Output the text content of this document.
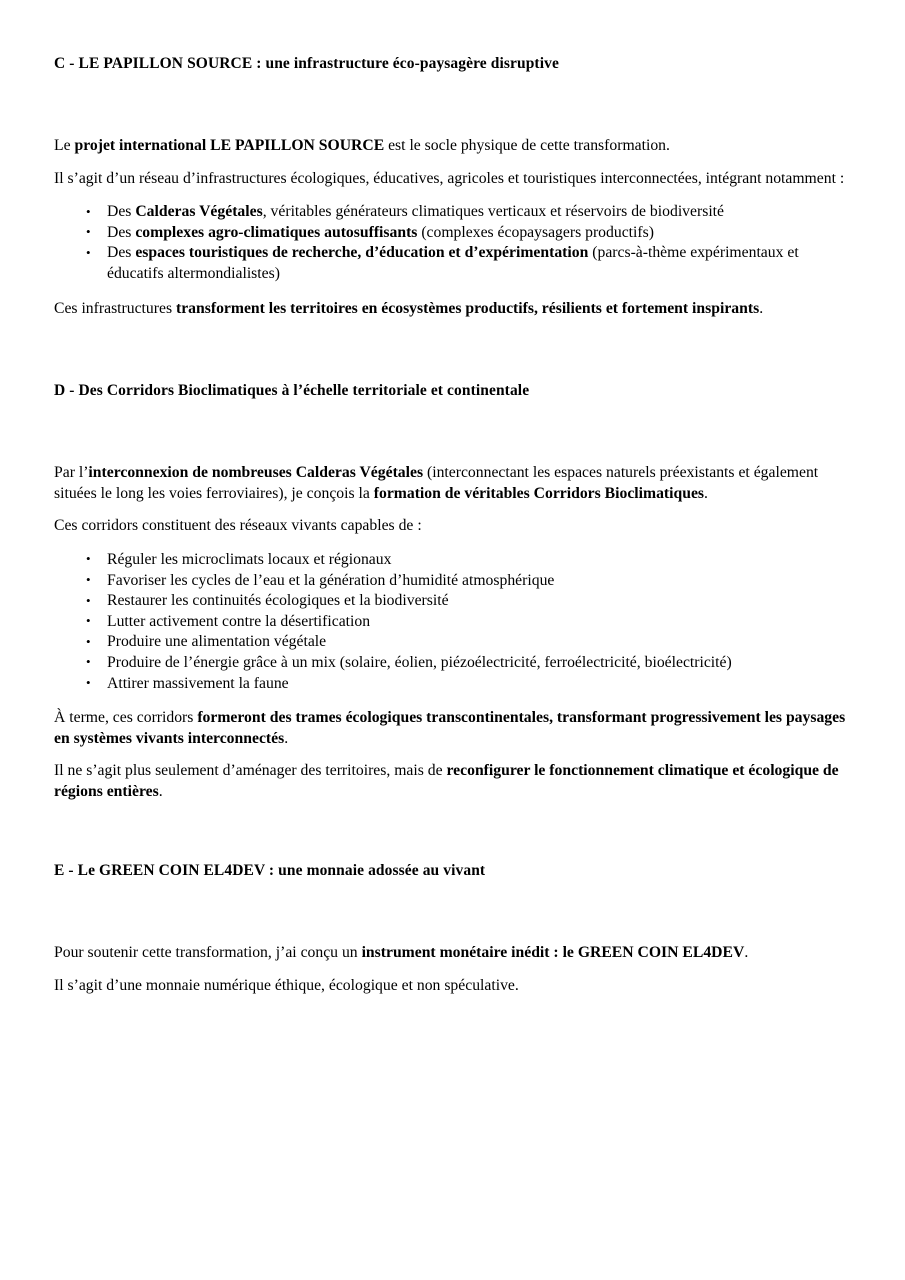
C - LE PAPILLON SOURCE : une infrastructure éco-paysagère disruptive

Le projet international LE PAPILLON SOURCE est le socle physique de cette transformation.

Il s’agit d’un réseau d’infrastructures écologiques, éducatives, agricoles et touristiques interconnectées, intégrant notamment :

• Des Calderas Végétales, véritables générateurs climatiques verticaux et réservoirs de biodiversité
• Des complexes agro-climatiques autosuffisants (complexes écopaysagers productifs)
• Des espaces touristiques de recherche, d’éducation et d’expérimentation (parcs-à-thème expérimentaux et éducatifs altermondialistes)

Ces infrastructures transforment les territoires en écosystèmes productifs, résilients et fortement inspirants.

D - Des Corridors Bioclimatiques à l’échelle territoriale et continentale

Par l’interconnexion de nombreuses Calderas Végétales (interconnectant les espaces naturels préexistants et également situées le long les voies ferroviaires), je conçois la formation de véritables Corridors Bioclimatiques.

Ces corridors constituent des réseaux vivants capables de :

• Réguler les microclimats locaux et régionaux
• Favoriser les cycles de l’eau et la génération d’humidité atmosphérique
• Restaurer les continuités écologiques et la biodiversité
• Lutter activement contre la désertification
• Produire une alimentation végétale
• Produire de l’énergie grâce à un mix (solaire, éolien, piézoélectricité, ferroélectricité, bioélectricité)
• Attirer massivement la faune

À terme, ces corridors formeront des trames écologiques transcontinentales, transformant progressivement les paysages en systèmes vivants interconnectés.

Il ne s’agit plus seulement d’aménager des territoires, mais de reconfigurer le fonctionnement climatique et écologique de régions entières.

E - Le GREEN COIN EL4DEV : une monnaie adossée au vivant

Pour soutenir cette transformation, j’ai conçu un instrument monétaire inédit : le GREEN COIN EL4DEV.

Il s’agit d’une monnaie numérique éthique, écologique et non spéculative.
